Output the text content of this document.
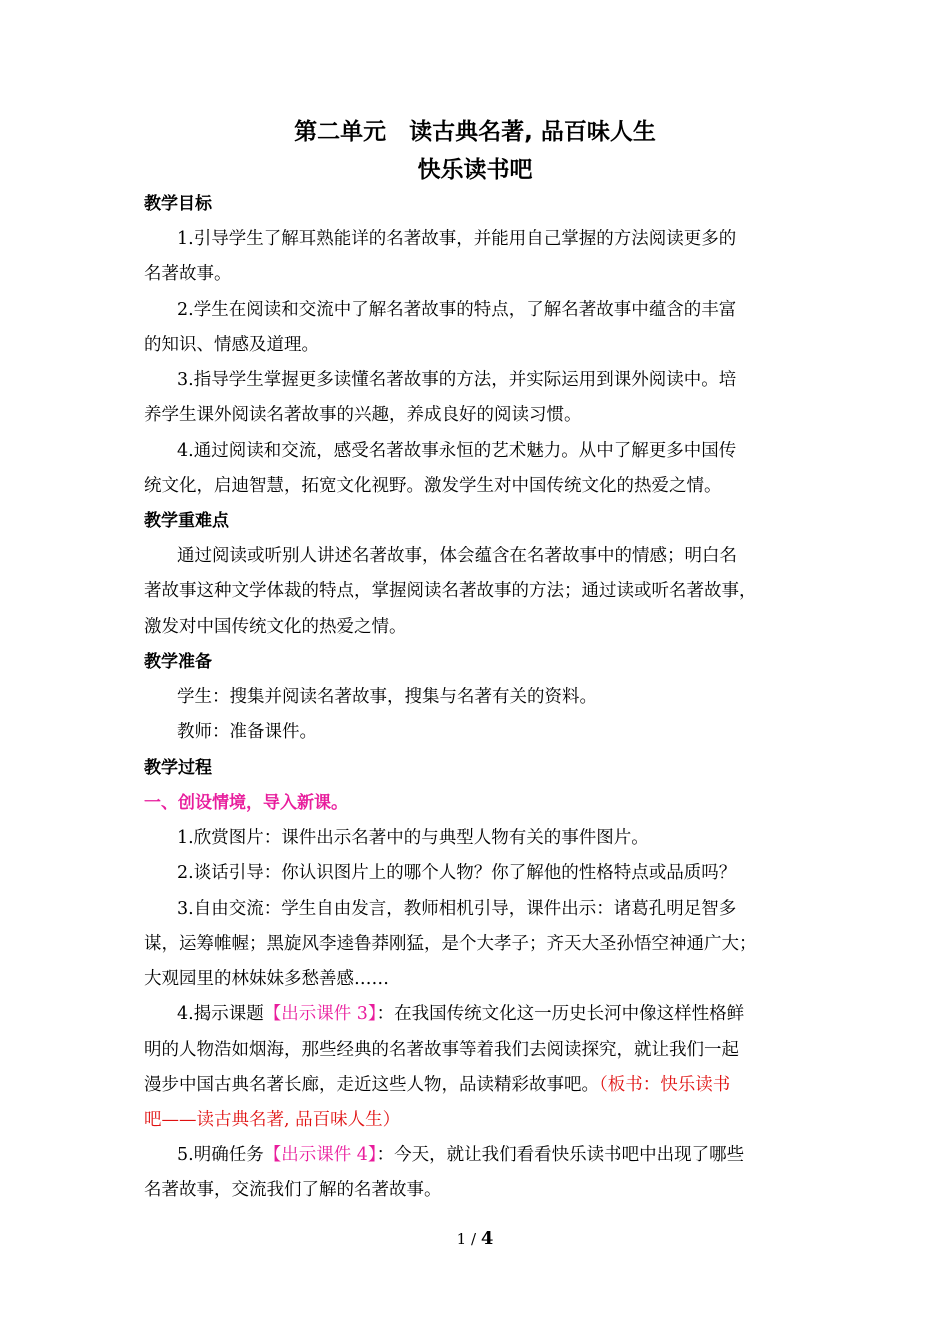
第二单元　读古典名著, 品百味人生
快乐读书吧
教学目标
1.引导学生了解耳熟能详的名著故事，并能用自己掌握的方法阅读更多的
名著故事。
2.学生在阅读和交流中了解名著故事的特点，了解名著故事中蕴含的丰富
的知识、情感及道理。
3.指导学生掌握更多读懂名著故事的方法，并实际运用到课外阅读中。培
养学生课外阅读名著故事的兴趣，养成良好的阅读习惯。
4.通过阅读和交流，感受名著故事永恒的艺术魅力。从中了解更多中国传
统文化，启迪智慧，拓宽文化视野。激发学生对中国传统文化的热爱之情。
教学重难点
通过阅读或听别人讲述名著故事，体会蕴含在名著故事中的情感；明白名
著故事这种文学体裁的特点，掌握阅读名著故事的方法；通过读或听名著故事，
激发对中国传统文化的热爱之情。
教学准备
学生：搜集并阅读名著故事，搜集与名著有关的资料。
教师：准备课件。
教学过程
一、创设情境，导入新课。
1.欣赏图片：课件出示名著中的与典型人物有关的事件图片。
2.谈话引导：你认识图片上的哪个人物？你了解他的性格特点或品质吗？
3.自由交流：学生自由发言，教师相机引导，课件出示：诸葛孔明足智多
谋，运筹帷幄；黑旋风李逵鲁莽刚猛，是个大孝子；齐天大圣孙悟空神通广大；
大观园里的林妹妹多愁善感……
4.揭示课题【出示课件 3】：在我国传统文化这一历史长河中像这样性格鲜
明的人物浩如烟海，那些经典的名著故事等着我们去阅读探究，就让我们一起
漫步中国古典名著长廊，走近这些人物，品读精彩故事吧。（板书：快乐读书
吧——读古典名著, 品百味人生）
5.明确任务【出示课件 4】：今天，就让我们看看快乐读书吧中出现了哪些
名著故事，交流我们了解的名著故事。
1 / 4
